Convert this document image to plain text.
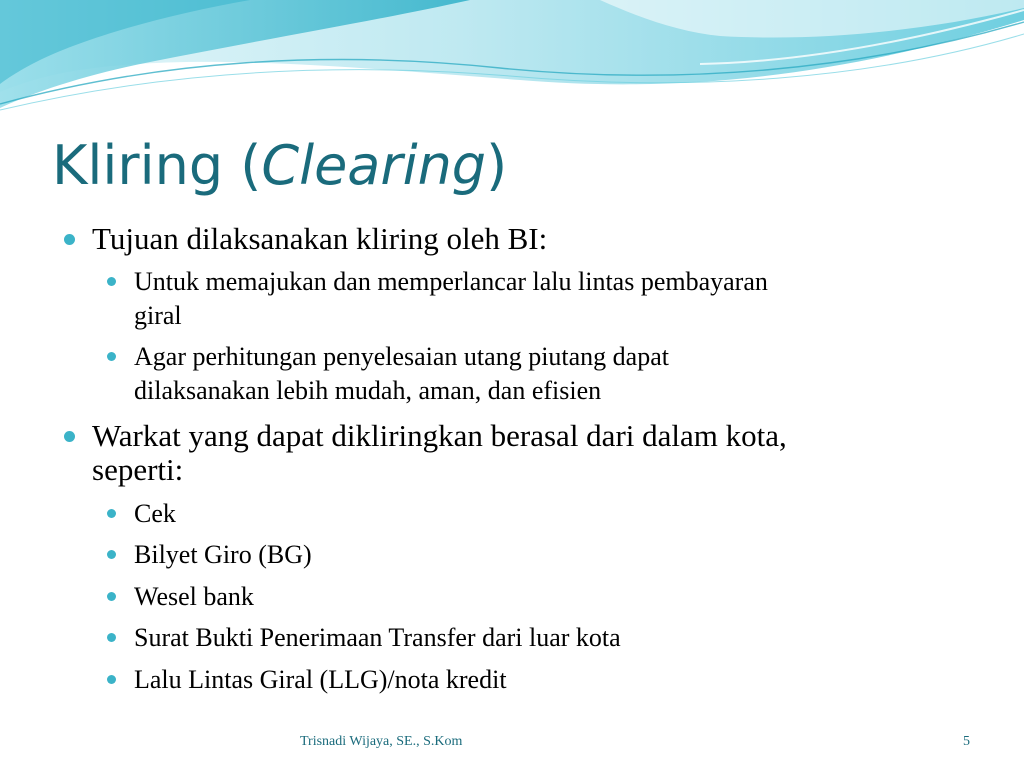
Kliring (Clearing)
Tujuan dilaksanakan kliring oleh BI:
Untuk memajukan dan memperlancar lalu lintas pembayaran
giral
Agar perhitungan penyelesaian utang piutang dapat
dilaksanakan lebih mudah, aman, dan efisien
Warkat yang dapat dikliringkan berasal dari dalam kota,
seperti:
Cek
Bilyet Giro (BG)
Wesel bank
Surat Bukti Penerimaan Transfer dari luar kota
Lalu Lintas Giral (LLG)/nota kredit
Trisnadi Wijaya, SE., S.Kom	5
